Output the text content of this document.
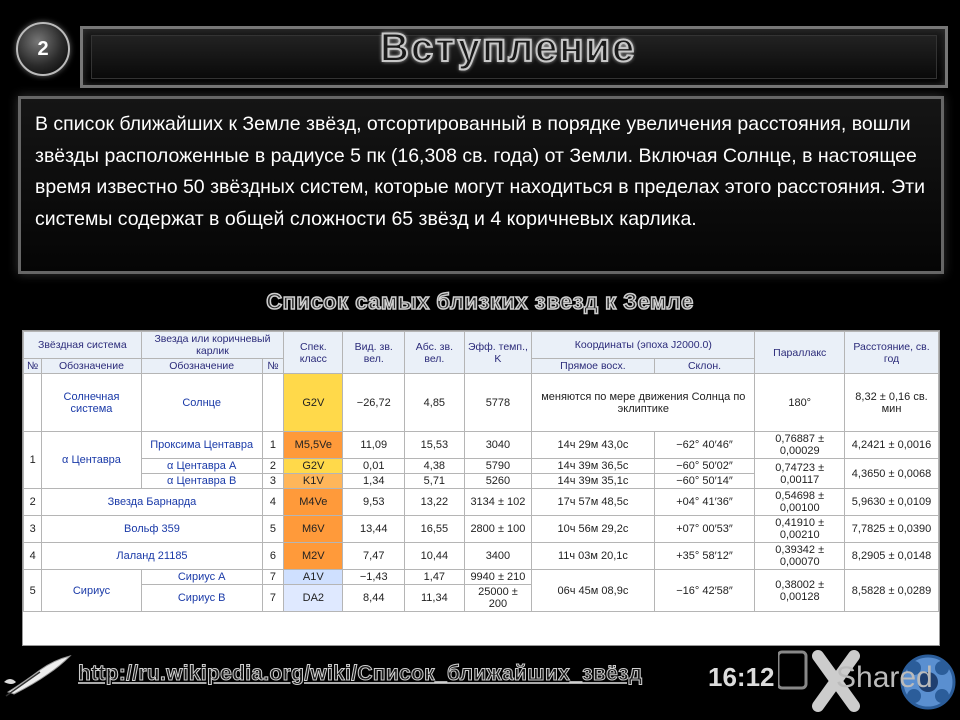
2	Вступление
В список ближайших к Земле звёзд, отсортированный в порядке увеличения расстояния, вошли звёзды расположенные в радиусе 5 пк (16,308 св. года) от Земли. Включая Солнце, в настоящее время известно 50 звёздных систем, которые могут находиться в пределах этого расстояния. Эти системы содержат в общей сложности 65 звёзд и 4 коричневых карлика.
Список самых близких звезд к Земле
Звёздная система		Звезда или коричневый карлик		Спек. класс	Вид. зв. вел.	Абс. зв. вел.	Эфф. темп., K	Координаты (эпоха J2000.0)		Параллакс	Расстояние, св. год
№	Обозначение	Обозначение	№					Прямое восх.	Склон.		
	Солнечная система	Солнце		G2V	−26,72	4,85	5778	меняются по мере движения Солнца по эклиптике		180°	8,32 ± 0,16 св. мин
1	α Центавра	Проксима Центавра	1	M5,5Ve	11,09	15,53	3040	14ч 29м 43,0с	−62° 40′46″	0,76887 ± 0,00029	4,2421 ± 0,0016
		α Центавра A	2	G2V	0,01	4,38	5790	14ч 39м 36,5с	−60° 50′02″	0,74723 ± 0,00117	4,3650 ± 0,0068
		α Центавра B	3	K1V	1,34	5,71	5260	14ч 39м 35,1с	−60° 50′14″		
2	Звезда Барнарда		4	M4Ve	9,53	13,22	3134 ± 102	17ч 57м 48,5с	+04° 41′36″	0,54698 ± 0,00100	5,9630 ± 0,0109
3	Вольф 359		5	M6V	13,44	16,55	2800 ± 100	10ч 56м 29,2с	+07° 00′53″	0,41910 ± 0,00210	7,7825 ± 0,0390
4	Лаланд 21185		6	M2V	7,47	10,44	3400	11ч 03м 20,1с	+35° 58′12″	0,39342 ± 0,00070	8,2905 ± 0,0148
5	Сириус	Сириус A	7	A1V	−1,43	1,47	9940 ± 210	06ч 45м 08,9с	−16° 42′58″	0,38002 ± 0,00128	8,5828 ± 0,0289
		Сириус B	7	DA2	8,44	11,34	25000 ± 200				
http://ru.wikipedia.org/wiki/Список_ближайших_звёзд	16:12 Shared
